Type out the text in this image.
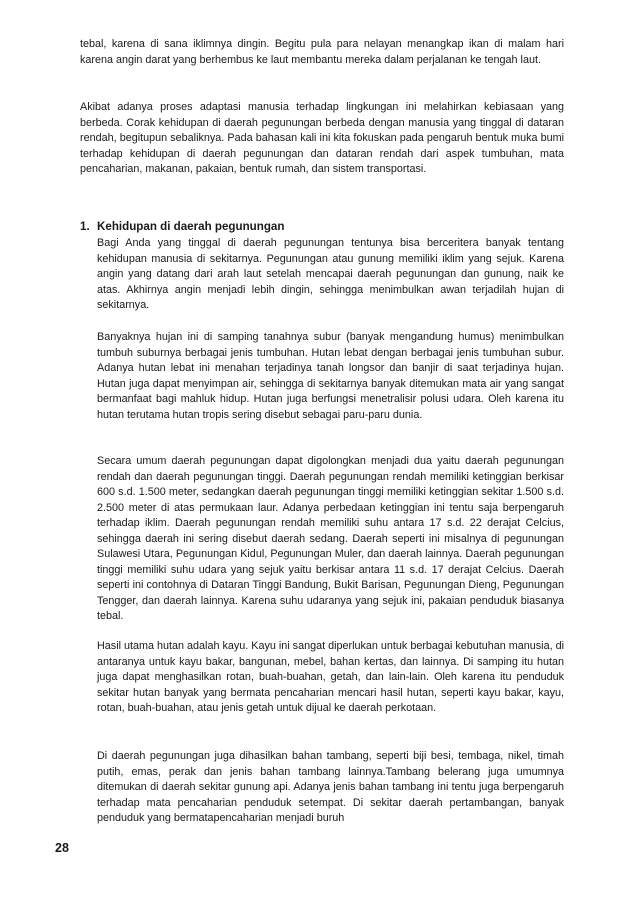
tebal, karena di sana iklimnya dingin. Begitu pula para nelayan menangkap ikan di malam hari karena angin darat yang berhembus ke laut membantu mereka dalam perjalanan ke tengah laut.

Akibat adanya proses adaptasi manusia terhadap lingkungan ini melahirkan kebiasaan yang berbeda. Corak kehidupan di daerah pegunungan berbeda dengan manusia yang tinggal di dataran rendah, begitupun sebaliknya. Pada bahasan kali ini kita fokuskan pada pengaruh bentuk muka bumi terhadap kehidupan di daerah pegunungan dan dataran rendah dari aspek tumbuhan, mata pencaharian, makanan, pakaian, bentuk rumah, dan sistem transportasi.

1. Kehidupan di daerah pegunungan

Bagi Anda yang tinggal di daerah pegunungan tentunya bisa berceritera banyak tentang kehidupan manusia di sekitarnya. Pegunungan atau gunung memiliki iklim yang sejuk. Karena angin yang datang dari arah laut setelah mencapai daerah pegunungan dan gunung, naik ke atas. Akhirnya angin menjadi lebih dingin, sehingga menimbulkan awan terjadilah hujan di sekitarnya.

Banyaknya hujan ini di samping tanahnya subur (banyak mengandung humus) menimbulkan tumbuh suburnya berbagai jenis tumbuhan. Hutan lebat dengan berbagai jenis tumbuhan subur. Adanya hutan lebat ini menahan terjadinya tanah longsor dan banjir di saat terjadinya hujan. Hutan juga dapat menyimpan air, sehingga di sekitarnya banyak ditemukan mata air yang sangat bermanfaat bagi mahluk hidup. Hutan juga berfungsi menetralisir polusi udara. Oleh karena itu hutan terutama hutan tropis sering disebut sebagai paru-paru dunia.

Secara umum daerah pegunungan dapat digolongkan menjadi dua yaitu daerah pegunungan rendah dan daerah pegunungan tinggi. Daerah pegunungan rendah memiliki ketinggian berkisar 600 s.d. 1.500 meter, sedangkan daerah pegunungan tinggi memiliki ketinggian sekitar 1.500 s.d. 2.500 meter di atas permukaan laur. Adanya perbedaan ketinggian ini tentu saja berpengaruh terhadap iklim. Daerah pegunungan rendah memiliki suhu antara 17 s.d. 22 derajat Celcius, sehingga daerah ini sering disebut daerah sedang. Daerah seperti ini misalnya di pegunungan Sulawesi Utara, Pegunungan Kidul, Pegunungan Muler, dan daerah lainnya. Daerah pegunungan tinggi memiliki suhu udara yang sejuk yaitu berkisar antara 11 s.d. 17 derajat Celcius. Daerah seperti ini contohnya di Dataran Tinggi Bandung, Bukit Barisan, Pegunungan Dieng, Pegunungan Tengger, dan daerah lainnya. Karena suhu udaranya yang sejuk ini, pakaian penduduk biasanya tebal.

Hasil utama hutan adalah kayu. Kayu ini sangat diperlukan untuk berbagai kebutuhan manusia, di antaranya untuk kayu bakar, bangunan, mebel, bahan kertas, dan lainnya. Di samping itu hutan juga dapat menghasilkan rotan, buah-buahan, getah, dan lain-lain. Oleh karena itu penduduk sekitar hutan banyak yang bermata pencaharian mencari hasil hutan, seperti kayu bakar, kayu, rotan, buah-buahan, atau jenis getah untuk dijual ke daerah perkotaan.

Di daerah pegunungan juga dihasilkan bahan tambang, seperti biji besi, tembaga, nikel, timah putih, emas, perak dan jenis bahan tambang lainnya.Tambang belerang juga umumnya ditemukan di daerah sekitar gunung api. Adanya jenis bahan tambang ini tentu juga berpengaruh terhadap mata pencaharian penduduk setempat. Di sekitar daerah pertambangan, banyak penduduk yang bermatapencaharian menjadi buruh

28
